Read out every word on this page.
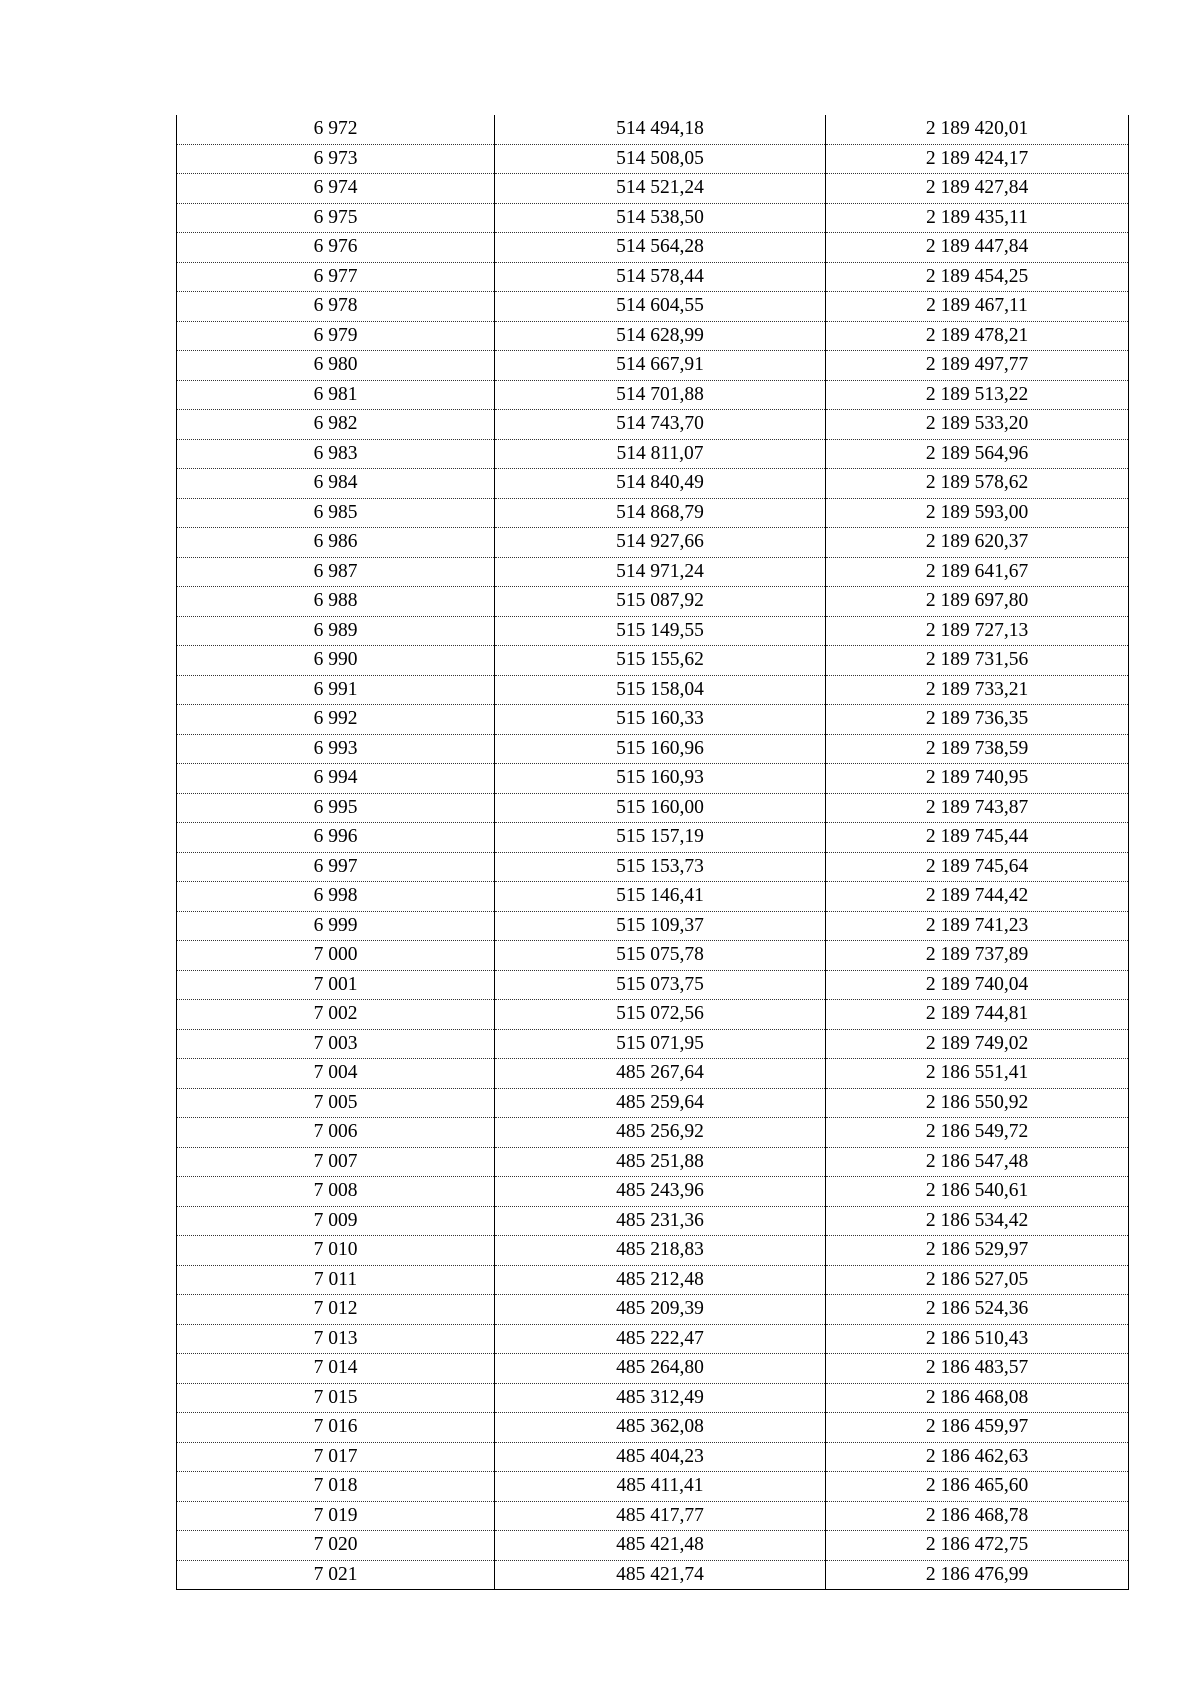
6 972	514 494,18	2 189 420,01
6 973	514 508,05	2 189 424,17
6 974	514 521,24	2 189 427,84
6 975	514 538,50	2 189 435,11
6 976	514 564,28	2 189 447,84
6 977	514 578,44	2 189 454,25
6 978	514 604,55	2 189 467,11
6 979	514 628,99	2 189 478,21
6 980	514 667,91	2 189 497,77
6 981	514 701,88	2 189 513,22
6 982	514 743,70	2 189 533,20
6 983	514 811,07	2 189 564,96
6 984	514 840,49	2 189 578,62
6 985	514 868,79	2 189 593,00
6 986	514 927,66	2 189 620,37
6 987	514 971,24	2 189 641,67
6 988	515 087,92	2 189 697,80
6 989	515 149,55	2 189 727,13
6 990	515 155,62	2 189 731,56
6 991	515 158,04	2 189 733,21
6 992	515 160,33	2 189 736,35
6 993	515 160,96	2 189 738,59
6 994	515 160,93	2 189 740,95
6 995	515 160,00	2 189 743,87
6 996	515 157,19	2 189 745,44
6 997	515 153,73	2 189 745,64
6 998	515 146,41	2 189 744,42
6 999	515 109,37	2 189 741,23
7 000	515 075,78	2 189 737,89
7 001	515 073,75	2 189 740,04
7 002	515 072,56	2 189 744,81
7 003	515 071,95	2 189 749,02
7 004	485 267,64	2 186 551,41
7 005	485 259,64	2 186 550,92
7 006	485 256,92	2 186 549,72
7 007	485 251,88	2 186 547,48
7 008	485 243,96	2 186 540,61
7 009	485 231,36	2 186 534,42
7 010	485 218,83	2 186 529,97
7 011	485 212,48	2 186 527,05
7 012	485 209,39	2 186 524,36
7 013	485 222,47	2 186 510,43
7 014	485 264,80	2 186 483,57
7 015	485 312,49	2 186 468,08
7 016	485 362,08	2 186 459,97
7 017	485 404,23	2 186 462,63
7 018	485 411,41	2 186 465,60
7 019	485 417,77	2 186 468,78
7 020	485 421,48	2 186 472,75
7 021	485 421,74	2 186 476,99
